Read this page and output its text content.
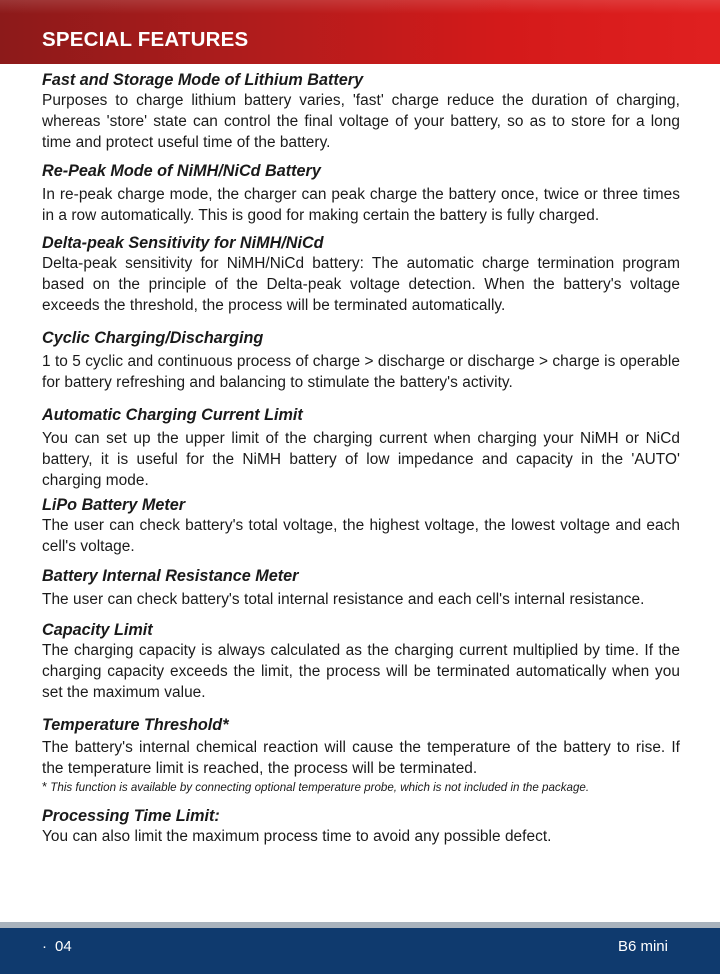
SPECIAL FEATURES

Fast and Storage Mode of Lithium Battery

Purposes to charge lithium battery varies, 'fast' charge reduce the duration of charging, whereas 'store' state can control the final voltage of your battery, so as to store for a long time and protect useful time of the battery.

Re-Peak Mode of NiMH/NiCd Battery

In re-peak charge mode, the charger can peak charge the battery once, twice or three times in a row automatically. This is good for making certain the battery is fully charged.

Delta-peak Sensitivity for NiMH/NiCd

Delta-peak sensitivity for NiMH/NiCd battery: The automatic charge termination program based on the principle of the Delta-peak voltage detection. When the battery's voltage exceeds the threshold, the process will be terminated automatically.

Cyclic Charging/Discharging

1 to 5 cyclic and continuous process of charge > discharge or discharge > charge is operable for battery refreshing and balancing to stimulate the battery's activity.

Automatic Charging Current Limit

You can set up the upper limit of the charging current when charging your NiMH or NiCd battery, it is useful for the NiMH battery of low impedance and capacity in the 'AUTO' charging mode.

LiPo Battery Meter

The user can check battery's total voltage, the highest voltage, the lowest voltage and each cell's voltage.

Battery Internal Resistance Meter

The user can check battery's total internal resistance and each cell's internal resistance.

Capacity Limit

The charging capacity is always calculated as the charging current multiplied by time. If the charging capacity exceeds the limit, the process will be terminated automatically when you set the maximum value.

Temperature Threshold*

The battery's internal chemical reaction will cause the temperature of the battery to rise. If the temperature limit is reached, the process will be terminated.

* This function is available by connecting optional temperature probe, which is not included in the package.

Processing Time Limit:

You can also limit the maximum process time to avoid any possible defect.

· 04	B6 mini
